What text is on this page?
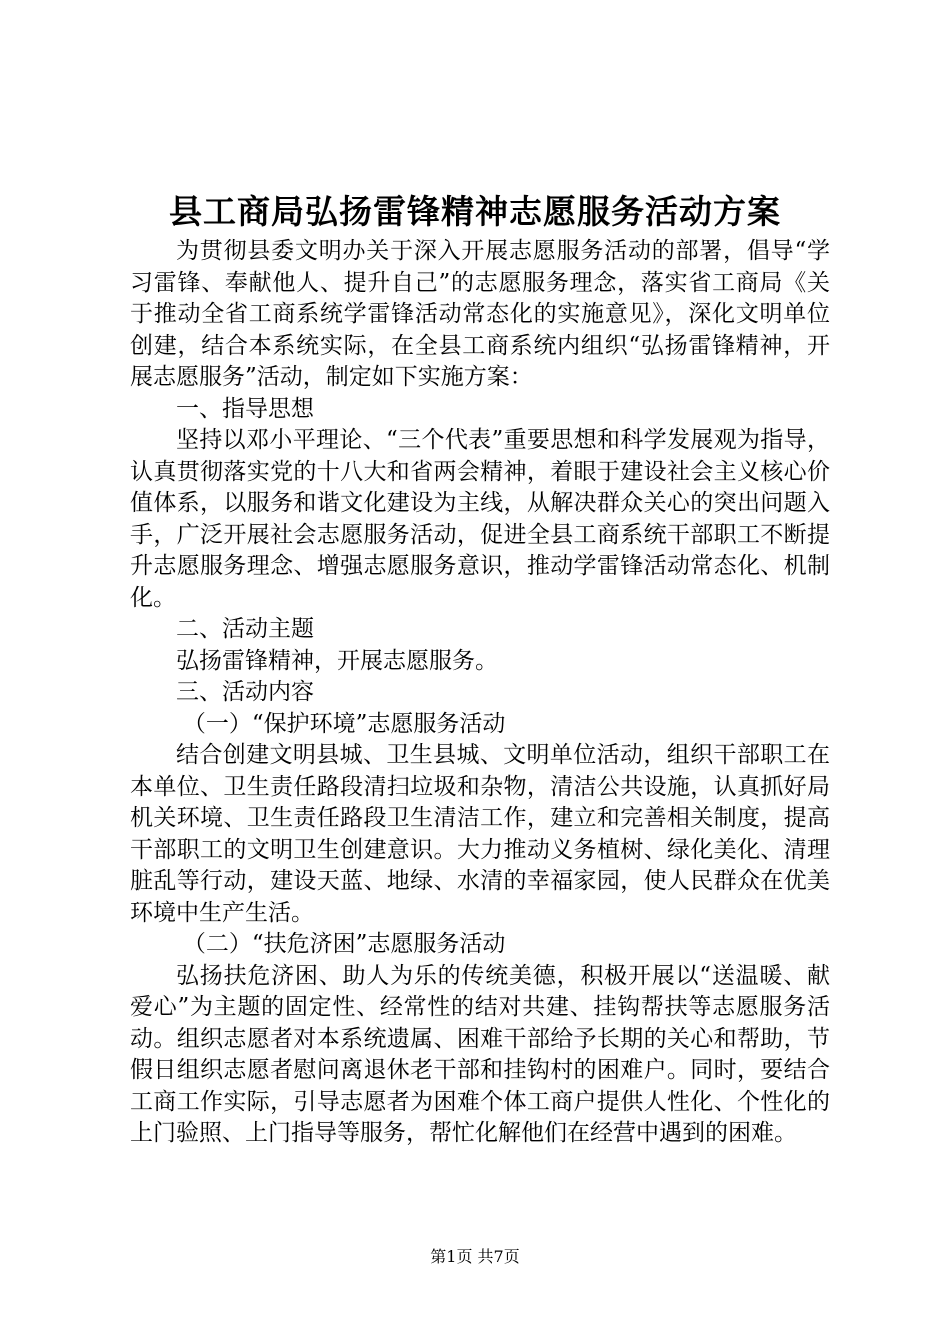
县工商局弘扬雷锋精神志愿服务活动方案

为贯彻县委文明办关于深入开展志愿服务活动的部署，倡导“学习雷锋、奉献他人、提升自己”的志愿服务理念，落实省工商局《关于推动全省工商系统学雷锋活动常态化的实施意见》，深化文明单位创建，结合本系统实际，在全县工商系统内组织“弘扬雷锋精神，开展志愿服务”活动，制定如下实施方案：

一、指导思想

坚持以邓小平理论、“三个代表”重要思想和科学发展观为指导，认真贯彻落实党的十八大和省两会精神，着眼于建设社会主义核心价值体系，以服务和谐文化建设为主线，从解决群众关心的突出问题入手，广泛开展社会志愿服务活动，促进全县工商系统干部职工不断提升志愿服务理念、增强志愿服务意识，推动学雷锋活动常态化、机制化。

二、活动主题

弘扬雷锋精神，开展志愿服务。

三、活动内容

（一）“保护环境”志愿服务活动

结合创建文明县城、卫生县城、文明单位活动，组织干部职工在本单位、卫生责任路段清扫垃圾和杂物，清洁公共设施，认真抓好局机关环境、卫生责任路段卫生清洁工作，建立和完善相关制度，提高干部职工的文明卫生创建意识。大力推动义务植树、绿化美化、清理脏乱等行动，建设天蓝、地绿、水清的幸福家园，使人民群众在优美环境中生产生活。

（二）“扶危济困”志愿服务活动

弘扬扶危济困、助人为乐的传统美德，积极开展以“送温暖、献爱心”为主题的固定性、经常性的结对共建、挂钩帮扶等志愿服务活动。组织志愿者对本系统遗属、困难干部给予长期的关心和帮助，节假日组织志愿者慰问离退休老干部和挂钩村的困难户。同时，要结合工商工作实际，引导志愿者为困难个体工商户提供人性化、个性化的上门验照、上门指导等服务，帮忙化解他们在经营中遇到的困难。

第1页 共7页
